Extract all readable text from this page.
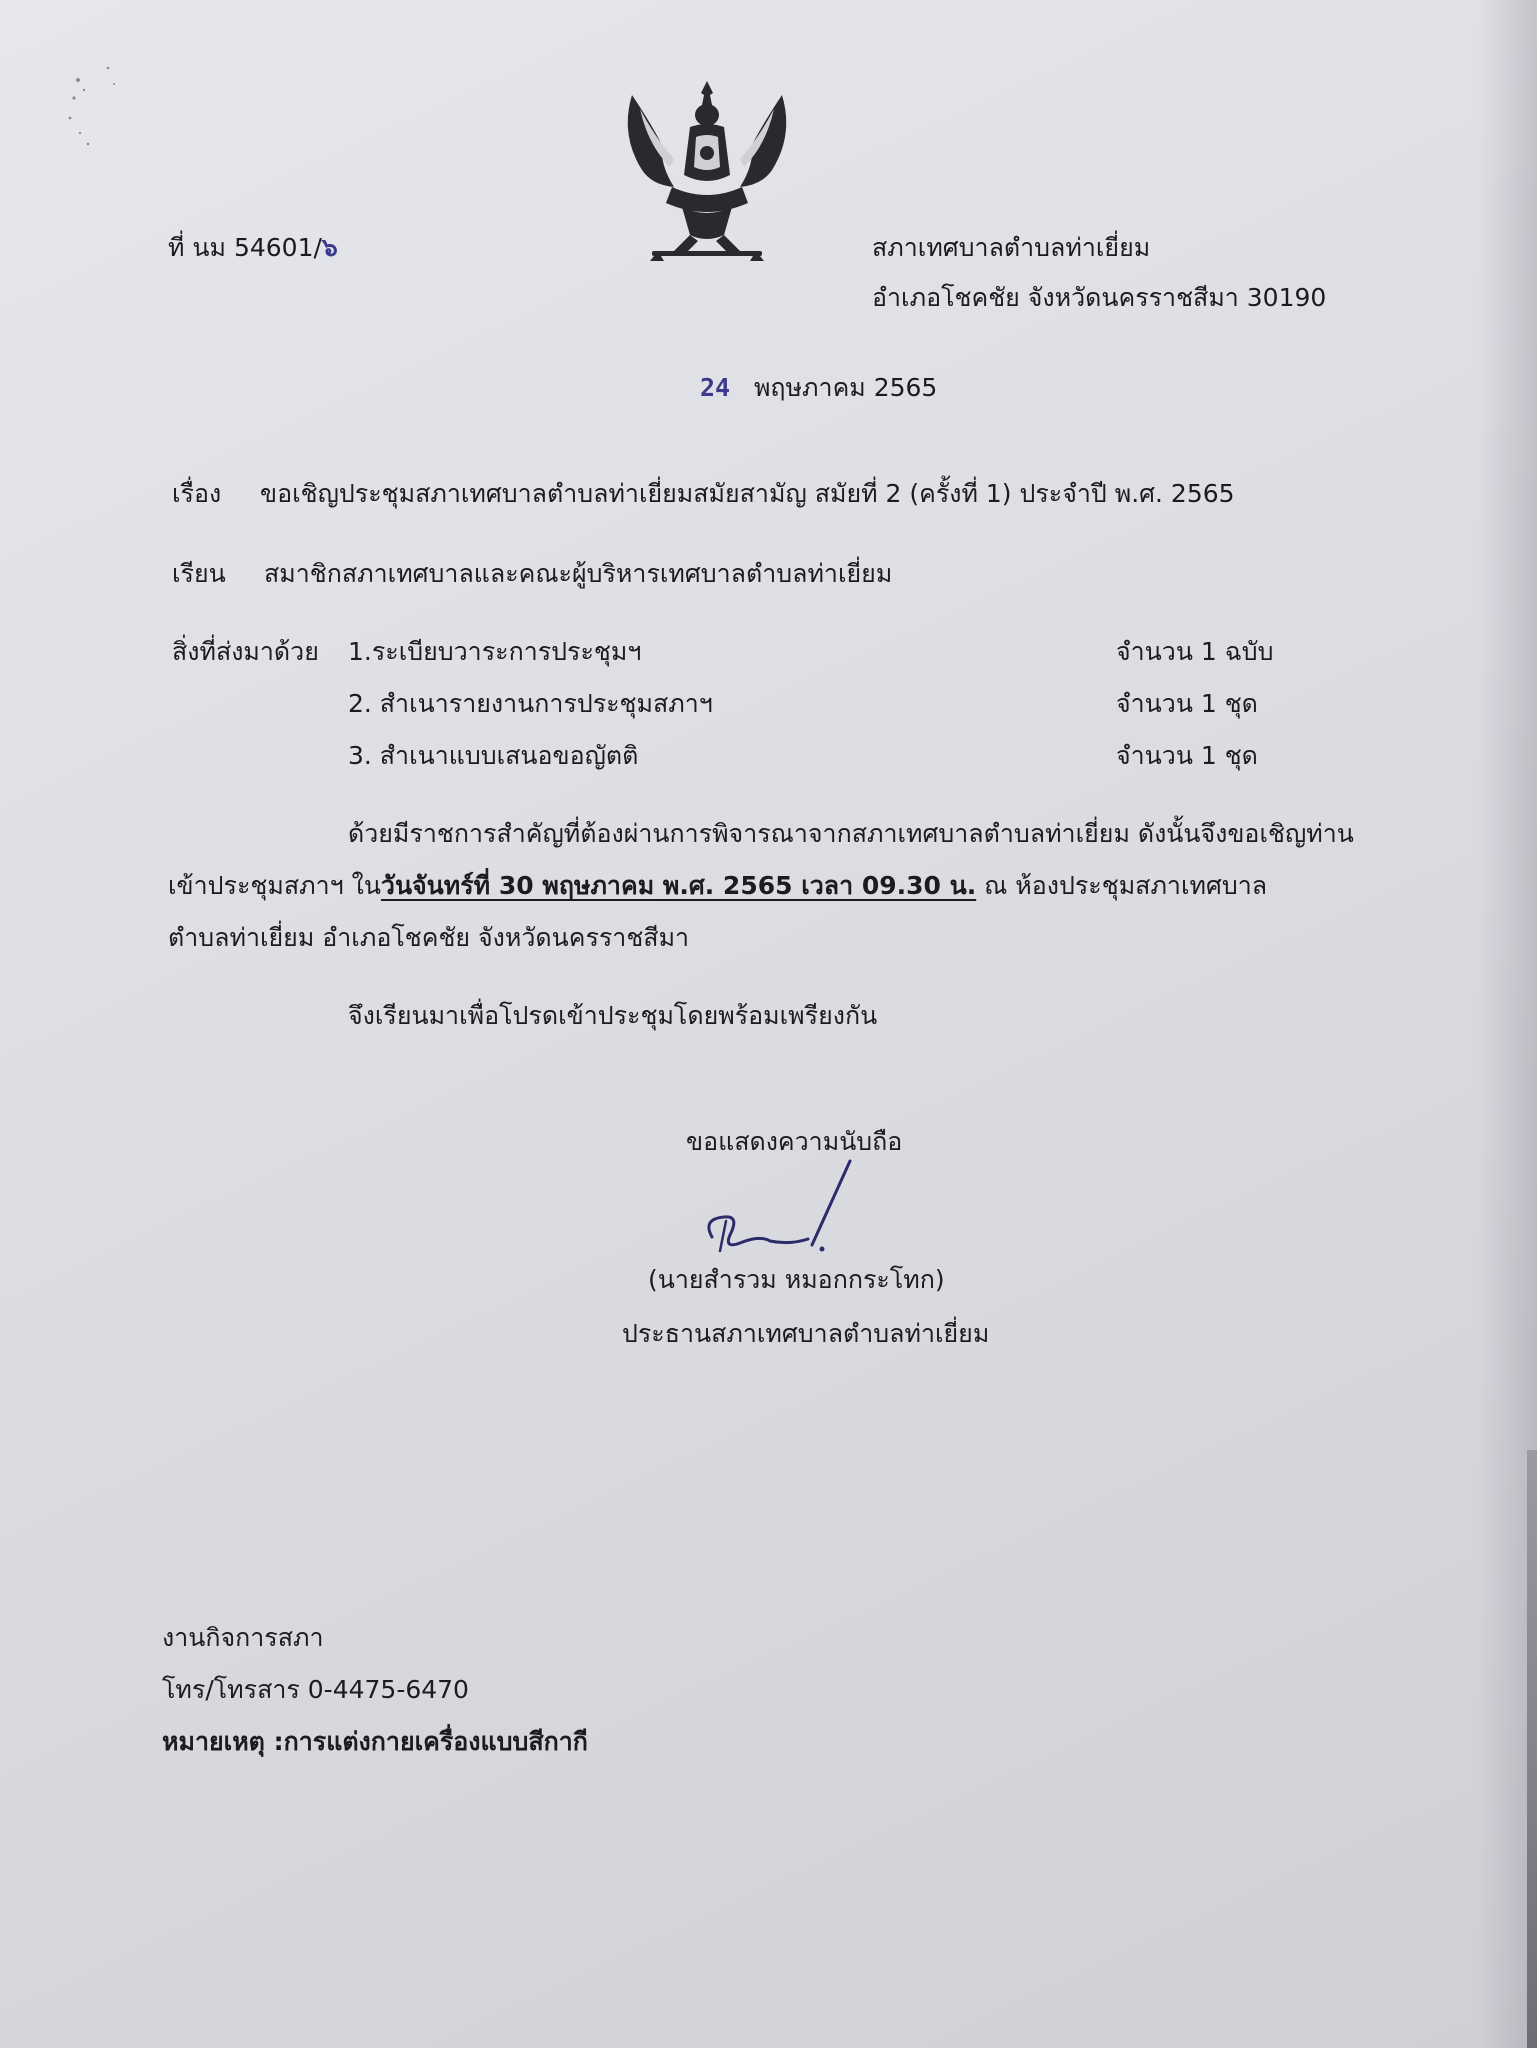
ที่ นม 54601/๖	สภาเทศบาลตำบลท่าเยี่ยม
อำเภอโชคชัย จังหวัดนครราชสีมา 30190
24 พฤษภาคม 2565
เรื่อง ขอเชิญประชุมสภาเทศบาลตำบลท่าเยี่ยมสมัยสามัญ สมัยที่ 2 (ครั้งที่ 1) ประจำปี พ.ศ. 2565
เรียน สมาชิกสภาเทศบาลและคณะผู้บริหารเทศบาลตำบลท่าเยี่ยม
สิ่งที่ส่งมาด้วย 1.ระเบียบวาระการประชุมฯ	จำนวน 1 ฉบับ
2. สำเนารายงานการประชุมสภาฯ	จำนวน 1 ชุด
3. สำเนาแบบเสนอขอญัตติ	จำนวน 1 ชุด
ด้วยมีราชการสำคัญที่ต้องผ่านการพิจารณาจากสภาเทศบาลตำบลท่าเยี่ยม ดังนั้นจึงขอเชิญท่าน
เข้าประชุมสภาฯ ในวันจันทร์ที่ 30 พฤษภาคม พ.ศ. 2565 เวลา 09.30 น. ณ ห้องประชุมสภาเทศบาล
ตำบลท่าเยี่ยม อำเภอโชคชัย จังหวัดนครราชสีมา
จึงเรียนมาเพื่อโปรดเข้าประชุมโดยพร้อมเพรียงกัน
ขอแสดงความนับถือ
(นายสำรวม หมอกกระโทก)
ประธานสภาเทศบาลตำบลท่าเยี่ยม
งานกิจการสภา
โทร/โทรสาร 0-4475-6470
หมายเหตุ :การแต่งกายเครื่องแบบสีกากี
